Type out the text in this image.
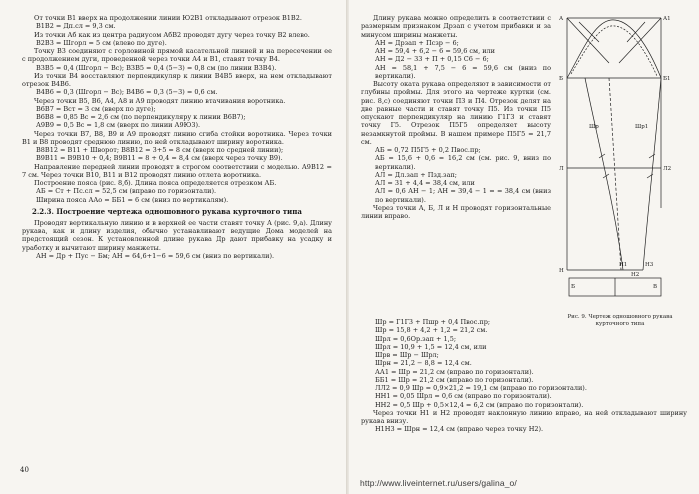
От точки В1 вверх на продолжении линии Ю2В1 откладывают отрезок В1В2.

В1В2 = Дп.сл = 9,3 см.

Из точки Аб как из центра радиусом АбВ2 проводят дугу через точку В2 влево.

В2В3 = Шгорл = 5 см (влево по дуге).

Точку В3 соединяют с горловиной прямой касательной линией и на пересечении ее с продолжением дуги, проведенной через точки А4 и В1, ставят точку В4.

В3В5 = 0,4 (Шгорл − Вс); В3В5 = 0,4 (5−3) = 0,8 см (по линии В3В4).

Из точки В4 восставляют перпендикуляр к линии В4В5 вверх, на нем откладывают отрезок В4В6.

В4В6 = 0,3 (Шгорл − Вс); В4В6 = 0,3 (5−3) = 0,6 см.

Через точки В5, В6, А4, А8 и А9 проводят линию втачивания воротника.

В6В7 = Вст = 3 см (вверх по дуге);

В6В8 = 0,85 Вс = 2,6 см (по перпендикуляру к линии В6В7);

А9В9 = 0,5 Вс = 1,8 см (вверх по линии А9Ю3).

Через точки В7, В8, В9 и А9 проводят линию сгиба стойки воротника. Через точки В1 и В8 проводят среднюю линию, по ней откладывают ширину воротника.

В8В12 = В11 + Шворот; В8В12 = 3+5 = 8 см (вверх по средней линии);

В9В11 = В9В10 + 0,4; В9В11 = 8 + 0,4 = 8,4 см (вверх через точку В9).

Направление передней линии проводят в строгом соответствии с моделью. А9В12 = 7 см. Через точки В10, В11 и В12 проводят линию отлета воротника.

Построение пояса (рис. 8,б). Длина пояса определяется отрезком АБ.

АБ = Ст + Пс.сл = 52,5 см (вправо по горизонтали).

Ширина пояса ААо = ББ1 = 6 см (вниз по вертикалям).

2.2.3. Построение чертежа одношовного рукава курточного типа

Проводят вертикальную линию и в верхней ее части ставят точку А (рис. 9,а). Длину рукава, как и длину изделия, обычно устанавливают ведущие Дома моделей на предстоящий сезон. К установленной длине рукава Др дают прибавку на усадку и уработку и вычитают ширину манжеты.

АН = Др + Пус − Бм; АН = 64,6+1−6 = 59,6 см (вниз по вертикали).

40

Длину рукава можно определить в соответствии с размерным признаком Дрзап с учетом прибавки и за минусом ширины манжеты.

АН = Дрзап + Псзр − 6;

АН = 59,4 + 6,2 − 6 = 59,6 см, или

АН = Д2 − 33 + П + 0,15 С6 − 6;

АН = 58,1 + 7,5 − 6 = 59,6 см (вниз по вертикали).

Высоту оката рукава определяют в зависимости от глубины проймы. Для этого на чертеже куртки (см. рис. 8,с) соединяют точки П3 и П4. Отрезок делят на две равные части и ставят точку П5. Из точки П5 опускают перпендикуляр на линию Г1Г3 и ставят точку Г5. Отрезок П5Г5 определяет высоту незамкнутой проймы. В нашем примере П5Г5 = 21,7 см.

АБ = 0,72 П5Г5 + 0,2 Пвос.пр;

АБ = 15,6 + 0,6 = 16,2 см (см. рис. 9, вниз по вертикали).

АЛ = Дл.зап + Пзд.зап;

АЛ = 31 + 4,4 = 38,4 см, или

АЛ = 0,6 АН − 1; АН = 39,4 − 1 = = 38,4 см (вниз по вертикали).

Через точки А, Б, Л и Н проводят горизонтальные линии вправо.

Шр = Г1Г3 + Пшр + 0,4 Пвос.пр;

Шр = 15,8 + 4,2 + 1,2 = 21,2 см.

Шрл = 0,6Ор.зап + 1,5;

Шрл = 10,9 + 1,5 = 12,4 см, или

Шрв = Шр − Шрл;

Шрн = 21,2 − 8,8 = 12,4 см.

АА1 = Шр = 21,2 см (вправо по горизонтали).

ББ1 = Шр = 21,2 см (вправо по горизонтали).

ЛЛ2 = 0,9 Шр = 0,9×21,2 = 19,1 см (вправо по горизонтали).

НН1 = 0,05 Шрл = 0,6 см (вправо по горизонтали).

НН2 = 0,5 Шр + 0,5×12,4 = 6,2 см (вправо по горизонтали).

Через точки Н1 и Н2 проводят наклонную линию вправо, на ней откладывают ширину рукава внизу.

Н1Н3 = Шрн = 12,4 см (вправо через точку Н2).

А	А1
Б	Б1
Л	Л2
Н
Н1	Н3
Н2
Шр	Шр1
Б	В
Рис. 9. Чертеж одношовного рукава курточного типа
http://www.liveinternet.ru/users/galina_o/
